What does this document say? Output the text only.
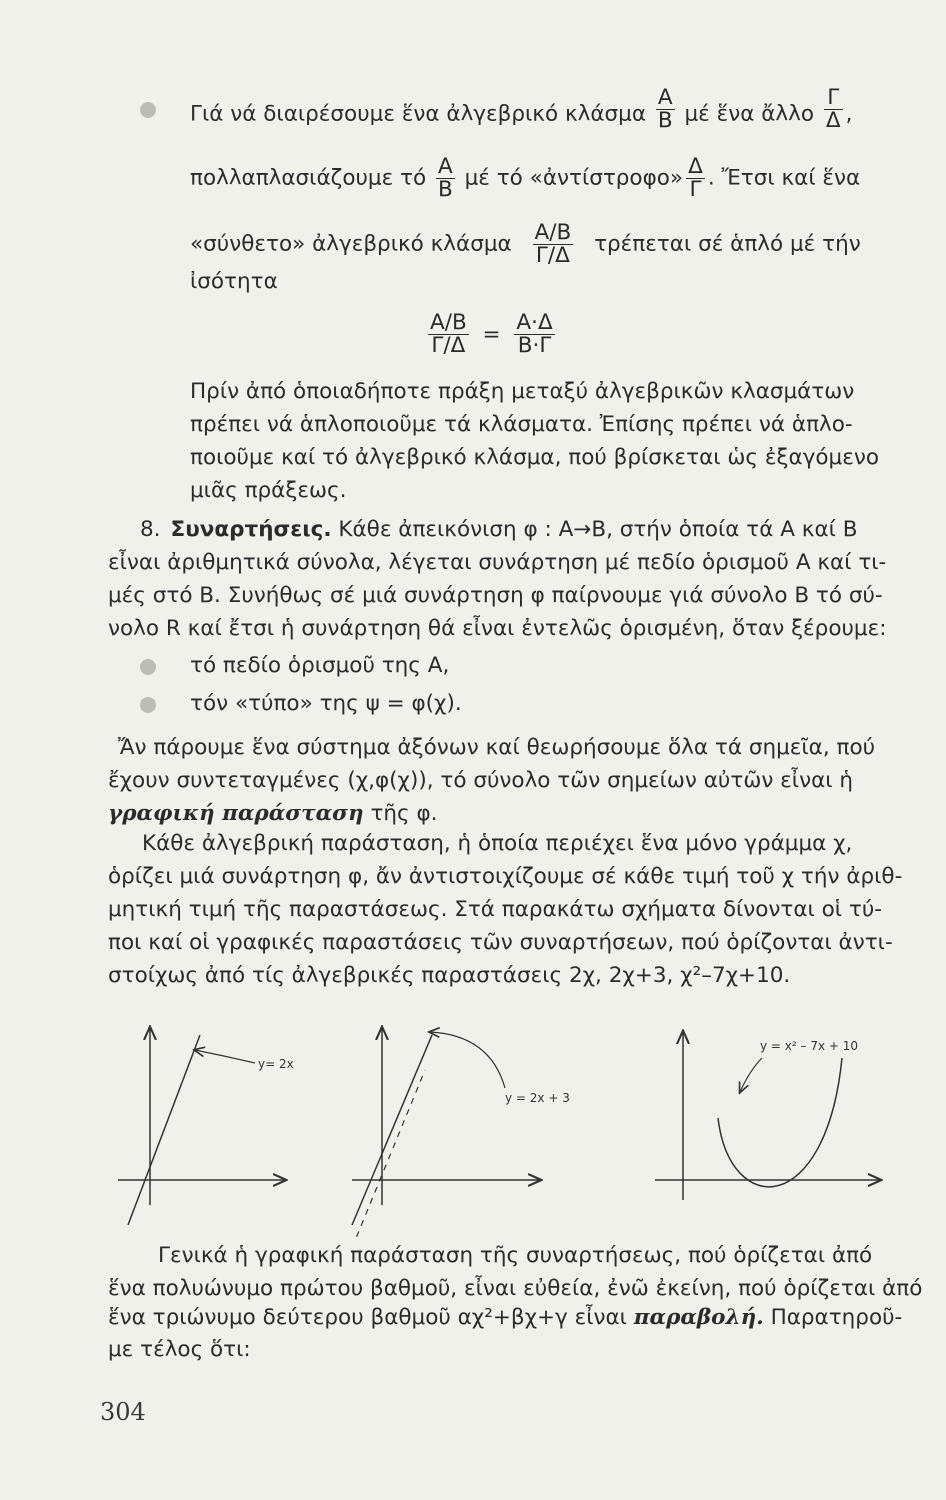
Γιά νά διαιρέσουμε ἕνα ἀλγεβρικό κλάσμα $\frac{A}{B}$ μέ ἕνα ἄλλο $\frac{\Gamma}{\Delta}$ ,
πολλαπλασιάζουμε τό $\frac{A}{B}$ μέ τό «ἀντίστροφο» $\frac{\Delta}{\Gamma}$ . Ἔτσι καί ἕνα
«σύνθετο» ἀλγεβρικό κλάσμα $\frac{A/B}{\Gamma/\Delta}$ τρέπεται σέ ἁπλό μέ τήν
ἰσότητα
$\frac{A/B}{\Gamma/\Delta} = \frac{A\cdot\Delta}{B\cdot\Gamma}$
Πρίν ἀπό ὁποιαδήποτε πράξη μεταξύ ἀλγεβρικῶν κλασμάτων
πρέπει νά ἁπλοποιοῦμε τά κλάσματα. Ἐπίσης πρέπει νά ἁπλο-
ποιοῦμε καί τό ἀλγεβρικό κλάσμα, πού βρίσκεται ὡς ἐξαγόμενο
μιᾶς πράξεως.
8. Συναρτήσεις. Κάθε ἀπεικόνιση φ : Α→Β, στήν ὁποία τά Α καί Β
εἶναι ἀριθμητικά σύνολα, λέγεται συνάρτηση μέ πεδίο ὁρισμοῦ Α καί τι-
μές στό Β. Συνήθως σέ μιά συνάρτηση φ παίρνουμε γιά σύνολο Β τό σύ-
νολο R καί ἔτσι ἡ συνάρτηση θά εἶναι ἐντελῶς ὁρισμένη, ὅταν ξέρουμε:
τό πεδίο ὁρισμοῦ της Α,
τόν «τύπο» της ψ = φ(χ).
Ἄν πάρουμε ἕνα σύστημα ἀξόνων καί θεωρήσουμε ὅλα τά σημεῖα, πού
ἔχουν συντεταγμένες (χ,φ(χ)), τό σύνολο τῶν σημείων αὐτῶν εἶναι ἡ
γραφική παράσταση τῆς φ.
Κάθε ἀλγεβρική παράσταση, ἡ ὁποία περιέχει ἕνα μόνο γράμμα χ,
ὁρίζει μιά συνάρτηση φ, ἄν ἀντιστοιχίζουμε σέ κάθε τιμή τοῦ χ τήν ἀριθ-
μητική τιμή τῆς παραστάσεως. Στά παρακάτω σχήματα δίνονται οἱ τύ-
ποι καί οἱ γραφικές παραστάσεις τῶν συναρτήσεων, πού ὁρίζονται ἀντι-
στοίχως ἀπό τίς ἀλγεβρικές παραστάσεις 2χ, 2χ+3, χ²–7χ+10.
y= 2x
y = 2x + 3
y = x² – 7x + 10
Γενικά ἡ γραφική παράσταση τῆς συναρτήσεως, πού ὁρίζεται ἀπό
ἕνα πολυώνυμο πρώτου βαθμοῦ, εἶναι εὐθεία, ἐνῶ ἐκείνη, πού ὁρίζεται ἀπό
ἕνα τριώνυμο δεύτερου βαθμοῦ αχ²+βχ+γ εἶναι παραβολή. Παρατηροῦ-
με τέλος ὅτι:
304
